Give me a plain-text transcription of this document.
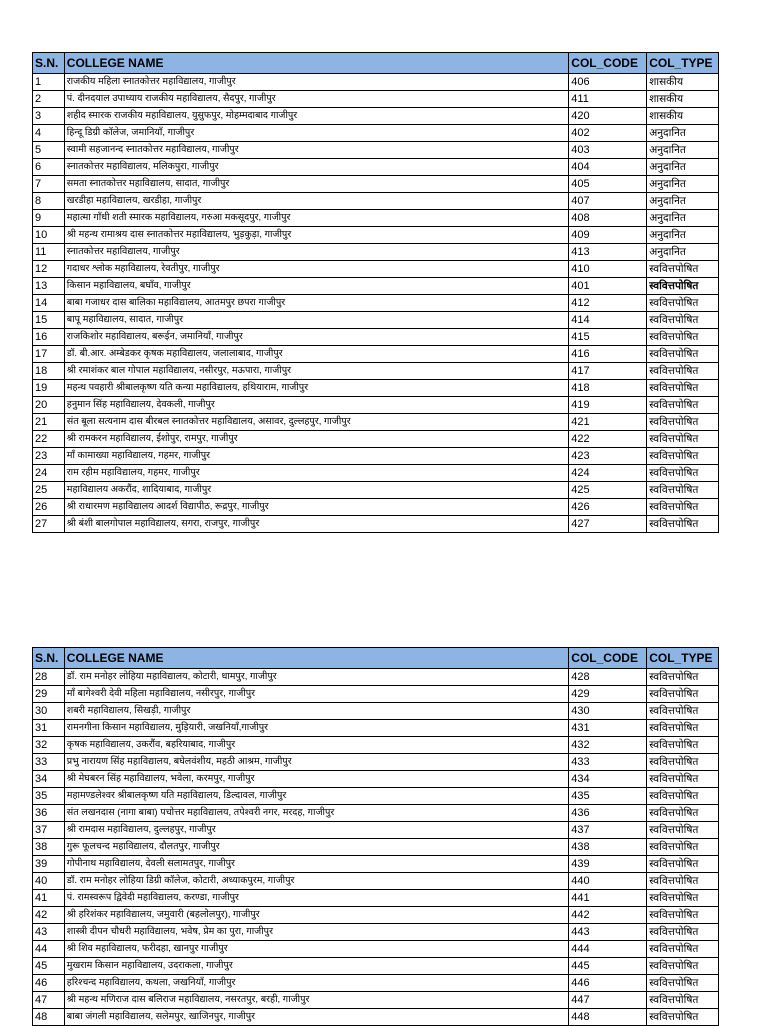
S.N.	COLLEGE NAME	COL_CODE	COL_TYPE
1	राजकीय महिला स्नातकोत्तर महाविद्यालय, गाजीपुर	406	शासकीय
2	पं. दीनदयाल उपाध्याय राजकीय महाविद्यालय, सैदपुर, गाजीपुर	411	शासकीय
3	शहीद स्मारक राजकीय महाविद्यालय, युसुफपुर, मोहम्मदाबाद गाजीपुर	420	शासकीय
4	हिन्दू डिग्री कॉलेज, जमानियाँ, गाजीपुर	402	अनुदानित
5	स्वामी सहजानन्द स्नातकोत्तर महाविद्यालय, गाजीपुर	403	अनुदानित
6	स्नातकोत्तर महाविद्यालय, मलिकपुरा, गाजीपुर	404	अनुदानित
7	समता स्नातकोत्तर महाविद्यालय, सादात, गाजीपुर	405	अनुदानित
8	खरडीहा महाविद्यालय, खरडीहा, गाजीपुर	407	अनुदानित
9	महात्मा गाँधी शती स्मारक महाविद्यालय, गरुआ मकसूदपुर, गाजीपुर	408	अनुदानित
10	श्री महन्थ रामाश्रय दास स्नातकोत्तर महाविद्यालय, भुड़कुड़ा, गाजीपुर	409	अनुदानित
11	स्नातकोत्तर महाविद्यालय, गाजीपुर	413	अनुदानित
12	गदाधर श्लोक महाविद्यालय, रेवतीपुर, गाजीपुर	410	स्ववित्तपोषित
13	किसान महाविद्यालय, बघाँव, गाजीपुर	401	स्ववित्तपोषित
14	बाबा गजाधर दास बालिका महाविद्यालय, आतमपुर छपरा गाजीपुर	412	स्ववित्तपोषित
15	बापू महाविद्यालय, सादात, गाजीपुर	414	स्ववित्तपोषित
16	राजकिशोर महाविद्यालय, बरूईन, जमानियाँ, गाजीपुर	415	स्ववित्तपोषित
17	डॉ. बी.आर. अम्बेडकर कृषक महाविद्यालय, जलालाबाद, गाजीपुर	416	स्ववित्तपोषित
18	श्री रमाशंकर बाल गोपाल महाविद्यालय, नसीरपुर, मऊपारा, गाजीपुर	417	स्ववित्तपोषित
19	महन्थ पवहारी श्रीबालकृष्ण यति कन्या महाविद्यालय, हथियाराम, गाजीपुर	418	स्ववित्तपोषित
20	हनुमान सिंह महाविद्यालय, देवकली, गाजीपुर	419	स्ववित्तपोषित
21	संत बूला सत्यनाम दास बीरबल स्नातकोत्तर महाविद्यालय, असावर, दुल्लहपुर, गाजीपुर	421	स्ववित्तपोषित
22	श्री रामकरन महाविद्यालय, ईशोपुर, रामपुर, गाजीपुर	422	स्ववित्तपोषित
23	माँ कामाख्या महाविद्यालय, गहमर, गाजीपुर	423	स्ववित्तपोषित
24	राम रहीम महाविद्यालय, गहमर, गाजीपुर	424	स्ववित्तपोषित
25	महाविद्यालय अकरौंद, शादियाबाद, गाजीपुर	425	स्ववित्तपोषित
26	श्री राधारमण महाविद्यालय आदर्श विद्यापीठ, रूद्रपुर, गाजीपुर	426	स्ववित्तपोषित
27	श्री बंशी बालगोपाल महाविद्यालय, सगरा, राजपुर, गाजीपुर	427	स्ववित्तपोषित
S.N.	COLLEGE NAME	COL_CODE	COL_TYPE
28	डॉ. राम मनोहर लोहिया महाविद्यालय, कोटारी, धामपुर, गाजीपुर	428	स्ववित्तपोषित
29	माँ बागेश्वरी देवी महिला महाविद्यालय, नसीरपुर, गाजीपुर	429	स्ववित्तपोषित
30	शबरी महाविद्यालय, सिखड़ी, गाजीपुर	430	स्ववित्तपोषित
31	रामनगीना किसान महाविद्यालय, मुड़ियारी, जखनियाँ,गाजीपुर	431	स्ववित्तपोषित
32	कृषक महाविद्यालय, उकरौंव, बहरियाबाद, गाजीपुर	432	स्ववित्तपोषित
33	प्रभु नारायण सिंह महाविद्यालय, बघेलवंशीय, महठी आश्रम, गाजीपुर	433	स्ववित्तपोषित
34	श्री मेघबरन सिंह महाविद्यालय, भवेला, करमपुर, गाजीपुर	434	स्ववित्तपोषित
35	महामण्डलेश्वर श्रीबालकृष्ण यति महाविद्यालय, डिल्दावल, गाजीपुर	435	स्ववित्तपोषित
36	संत लखनदास (नागा बाबा) पचोत्तर महाविद्यालय, तपेश्वरी नगर, मरदह, गाजीपुर	436	स्ववित्तपोषित
37	श्री रामदास महाविद्यालय, दुल्लहपुर, गाजीपुर	437	स्ववित्तपोषित
38	गुरू फूलचन्द महाविद्यालय, दौलतपुर, गाजीपुर	438	स्ववित्तपोषित
39	गोपीनाथ महाविद्यालय, देवली सलामतपुर, गाजीपुर	439	स्ववित्तपोषित
40	डॉ. राम मनोहर लोहिया डिग्री कॉलेज, कोटारी, अध्याकपुरम, गाजीपुर	440	स्ववित्तपोषित
41	पं. रामस्वरूप द्विवेदी महाविद्यालय, करण्डा, गाजीपुर	441	स्ववित्तपोषित
42	श्री हरिशंकर महाविद्यालय, जमुवारी (बहलोलपुर), गाजीपुर	442	स्ववित्तपोषित
43	शास्त्री दीपन चौधरी महाविद्यालय, भवेष, प्रेम का पुरा, गाजीपुर	443	स्ववित्तपोषित
44	श्री शिव महाविद्यालय, फरीदहा, खानपुर गाजीपुर	444	स्ववित्तपोषित
45	मुखराम किसान महाविद्यालय, उदराकला, गाजीपुर	445	स्ववित्तपोषित
46	हरिश्चन्द महाविद्यालय, कथला, जखनियाँ, गाजीपुर	446	स्ववित्तपोषित
47	श्री महन्थ मणिराज दास बलिराज महाविद्यालय, नसरतपुर, बरही, गाजीपुर	447	स्ववित्तपोषित
48	बाबा जंगली महाविद्यालय, सलेमपुर, खाजिनपुर, गाजीपुर	448	स्ववित्तपोषित
